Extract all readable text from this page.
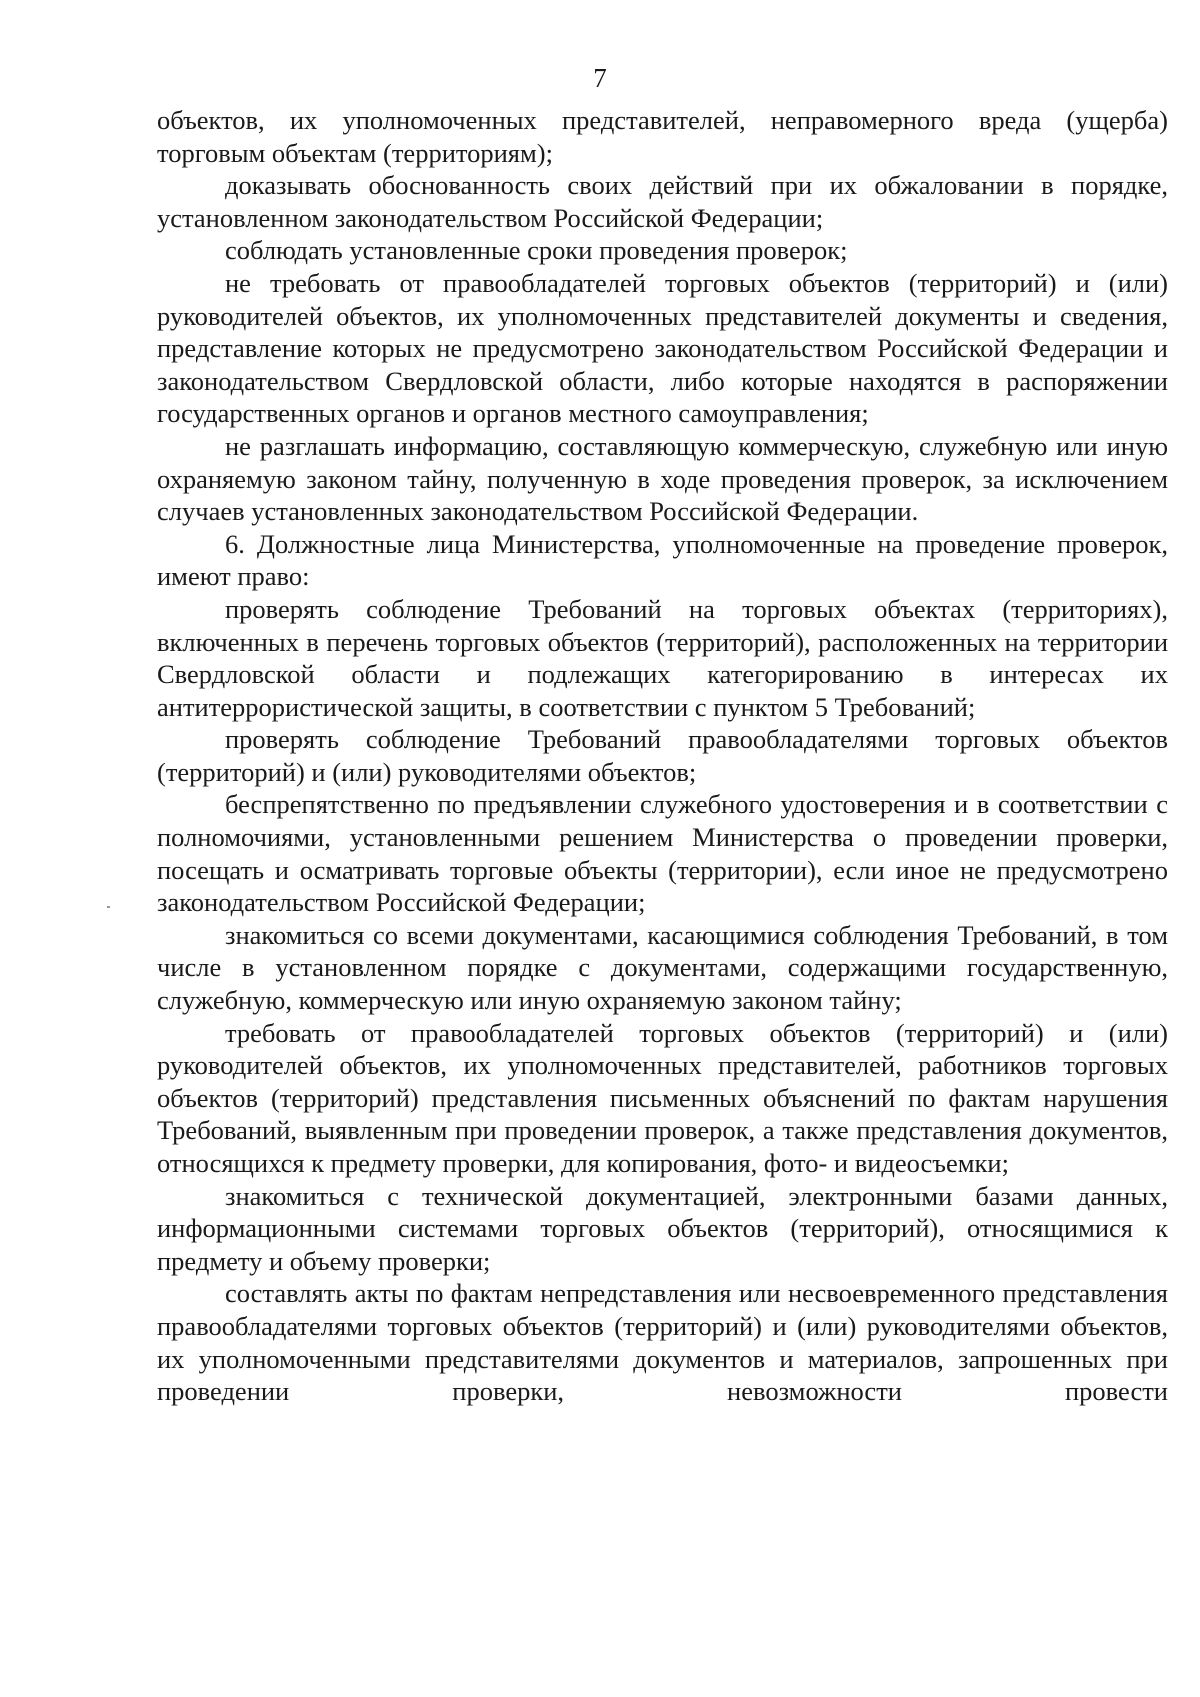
7

объектов, их уполномоченных представителей, неправомерного вреда (ущерба) торговым объектам (территориям);

доказывать обоснованность своих действий при их обжаловании в порядке, установленном законодательством Российской Федерации;

соблюдать установленные сроки проведения проверок;

не требовать от правообладателей торговых объектов (территорий) и (или) руководителей объектов, их уполномоченных представителей документы и сведения, представление которых не предусмотрено законодательством Российской Федерации и законодательством Свердловской области, либо которые находятся в распоряжении государственных органов и органов местного самоуправления;

не разглашать информацию, составляющую коммерческую, служебную или иную охраняемую законом тайну, полученную в ходе проведения проверок, за исключением случаев установленных законодательством Российской Федерации.

6. Должностные лица Министерства, уполномоченные на проведение проверок, имеют право:

проверять соблюдение Требований на торговых объектах (территориях), включенных в перечень торговых объектов (территорий), расположенных на территории Свердловской области и подлежащих категорированию в интересах их антитеррористической защиты, в соответствии с пунктом 5 Требований;

проверять соблюдение Требований правообладателями торговых объектов (территорий) и (или) руководителями объектов;

беспрепятственно по предъявлении служебного удостоверения и в соответствии с полномочиями, установленными решением Министерства о проведении проверки, посещать и осматривать торговые объекты (территории), если иное не предусмотрено законодательством Российской Федерации;

знакомиться со всеми документами, касающимися соблюдения Требований, в том числе в установленном порядке с документами, содержащими государственную, служебную, коммерческую или иную охраняемую законом тайну;

требовать от правообладателей торговых объектов (территорий) и (или) руководителей объектов, их уполномоченных представителей, работников торговых объектов (территорий) представления письменных объяснений по фактам нарушения Требований, выявленным при проведении проверок, а также представления документов, относящихся к предмету проверки, для копирования, фото- и видеосъемки;

знакомиться с технической документацией, электронными базами данных, информационными системами торговых объектов (территорий), относящимися к предмету и объему проверки;

составлять акты по фактам непредставления или несвоевременного представления правообладателями торговых объектов (территорий) и (или) руководителями объектов, их уполномоченными представителями документов и материалов, запрошенных при проведении проверки, невозможности провести
